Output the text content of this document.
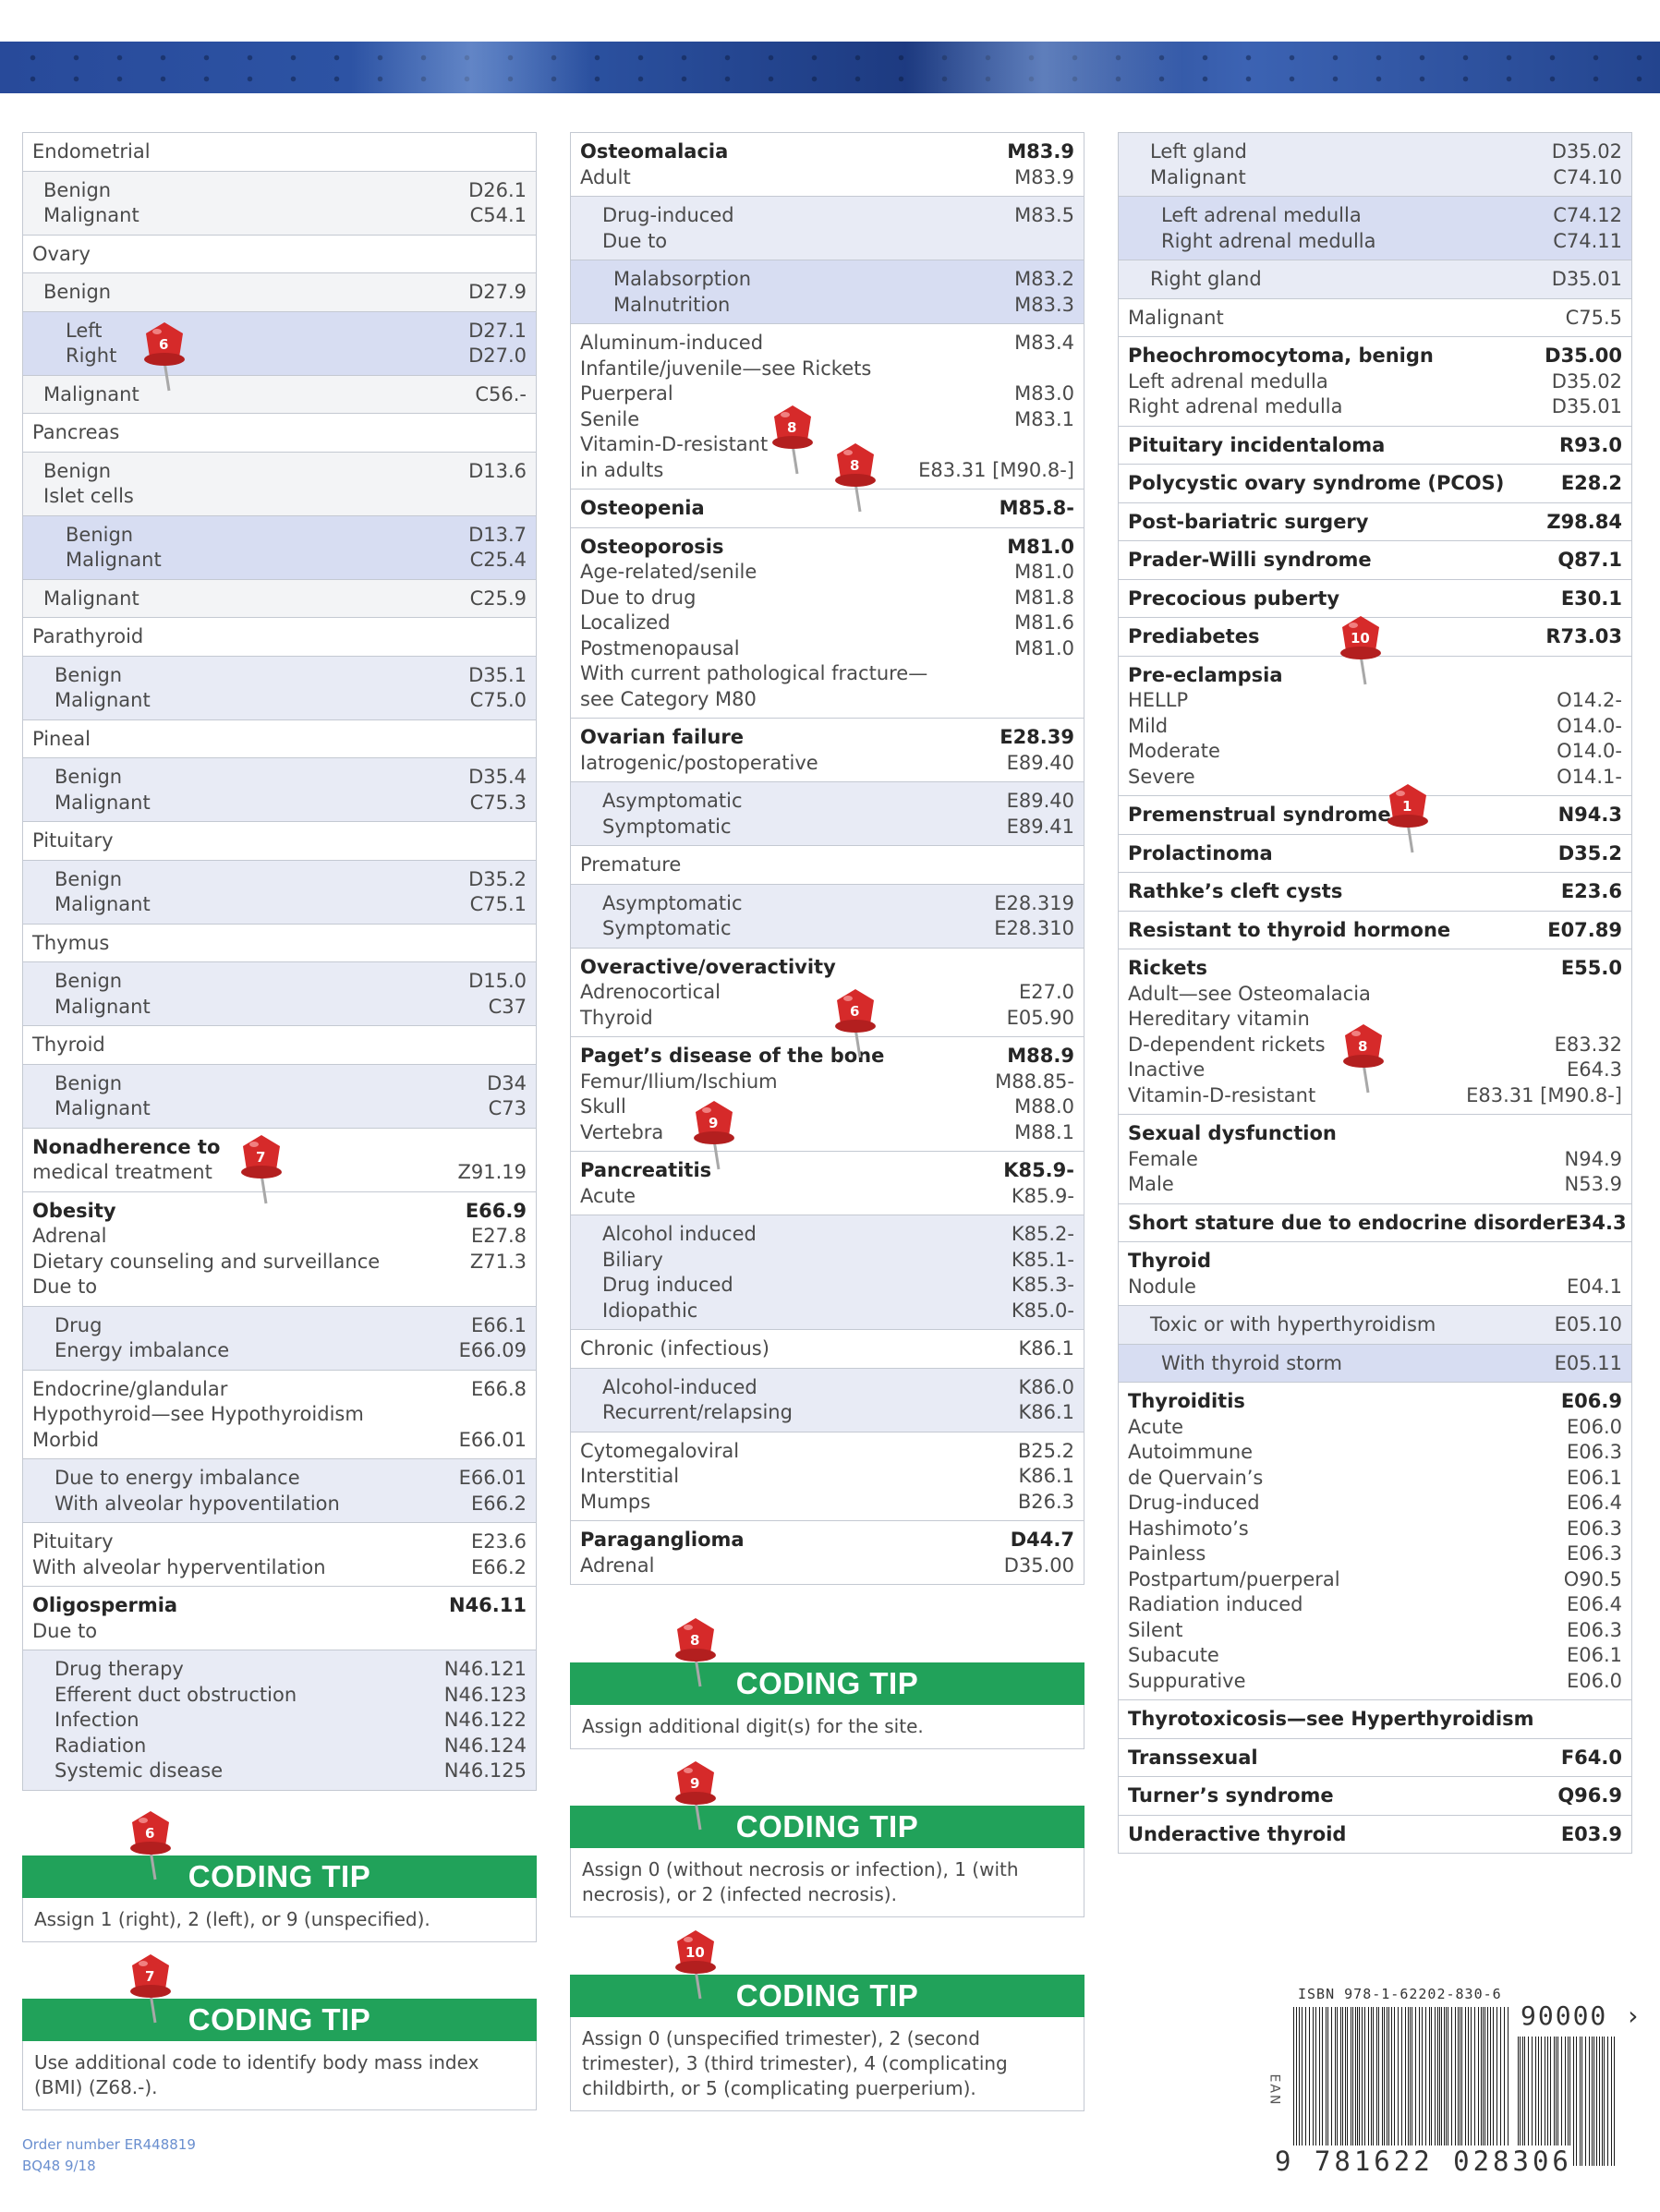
Endometrial
Benign	D26.1
Malignant	C54.1
Ovary
Benign	D27.9
Left	D27.1
Right	D27.0
Malignant	C56.-
Pancreas
Benign	D13.6
Islet cells
Benign	D13.7
Malignant	C25.4
Malignant	C25.9
Parathyroid
Benign	D35.1
Malignant	C75.0
Pineal
Benign	D35.4
Malignant	C75.3
Pituitary
Benign	D35.2
Malignant	C75.1
Thymus
Benign	D15.0
Malignant	C37
Thyroid
Benign	D34
Malignant	C73
Nonadherence to
medical treatment	Z91.19
Obesity	E66.9
Adrenal	E27.8
Dietary counseling and surveillance	Z71.3
Due to
Drug	E66.1
Energy imbalance	E66.09
Endocrine/glandular	E66.8
Hypothyroid—see Hypothyroidism
Morbid	E66.01
Due to energy imbalance	E66.01
With alveolar hypoventilation	E66.2
Pituitary	E23.6
With alveolar hyperventilation	E66.2
Oligospermia	N46.11
Due to
Drug therapy	N46.121
Efferent duct obstruction	N46.123
Infection	N46.122
Radiation	N46.124
Systemic disease	N46.125
Osteomalacia	M83.9
Adult	M83.9
Drug-induced	M83.5
Due to
Malabsorption	M83.2
Malnutrition	M83.3
Aluminum-induced	M83.4
Infantile/juvenile—see Rickets
Puerperal	M83.0
Senile	M83.1
Vitamin-D-resistant
in adults	E83.31 [M90.8-]
Osteopenia	M85.8-
Osteoporosis	M81.0
Age-related/senile	M81.0
Due to drug	M81.8
Localized	M81.6
Postmenopausal	M81.0
With current pathological fracture—
see Category M80
Ovarian failure	E28.39
Iatrogenic/postoperative	E89.40
Asymptomatic	E89.40
Symptomatic	E89.41
Premature
Asymptomatic	E28.319
Symptomatic	E28.310
Overactive/overactivity
Adrenocortical	E27.0
Thyroid	E05.90
Paget’s disease of the bone	M88.9
Femur/Ilium/Ischium	M88.85-
Skull	M88.0
Vertebra	M88.1
Pancreatitis	K85.9-
Acute	K85.9-
Alcohol induced	K85.2-
Biliary	K85.1-
Drug induced	K85.3-
Idiopathic	K85.0-
Chronic (infectious)	K86.1
Alcohol-induced	K86.0
Recurrent/relapsing	K86.1
Cytomegaloviral	B25.2
Interstitial	K86.1
Mumps	B26.3
Paraganglioma	D44.7
Adrenal	D35.00
Left gland	D35.02
Malignant	C74.10
Left adrenal medulla	C74.12
Right adrenal medulla	C74.11
Right gland	D35.01
Malignant	C75.5
Pheochromocytoma, benign	D35.00
Left adrenal medulla	D35.02
Right adrenal medulla	D35.01
Pituitary incidentaloma	R93.0
Polycystic ovary syndrome (PCOS)	E28.2
Post-bariatric surgery	Z98.84
Prader-Willi syndrome	Q87.1
Precocious puberty	E30.1
Prediabetes	R73.03
Pre-eclampsia
HELLP	O14.2-
Mild	O14.0-
Moderate	O14.0-
Severe	O14.1-
Premenstrual syndrome	N94.3
Prolactinoma	D35.2
Rathke’s cleft cysts	E23.6
Resistant to thyroid hormone	E07.89
Rickets	E55.0
Adult—see Osteomalacia
Hereditary vitamin
D-dependent rickets	E83.32
Inactive	E64.3
Vitamin-D-resistant	E83.31 [M90.8-]
Sexual dysfunction
Female	N94.9
Male	N53.9
Short stature due to endocrine disorder E34.3
Thyroid
Nodule	E04.1
Toxic or with hyperthyroidism	E05.10
With thyroid storm	E05.11
Thyroiditis	E06.9
Acute	E06.0
Autoimmune	E06.3
de Quervain’s	E06.1
Drug-induced	E06.4
Hashimoto’s	E06.3
Painless	E06.3
Postpartum/puerperal	O90.5
Radiation induced	E06.4
Silent	E06.3
Subacute	E06.1
Suppurative	E06.0
Thyrotoxicosis—see Hyperthyroidism
Transsexual	F64.0
Turner’s syndrome	Q96.9
Underactive thyroid	E03.9
6
8
8
7
6
9
10
1
8
CODING TIP
Assign additional digit(s) for the site.
CODING TIP
Assign 0 (without necrosis or infection), 1 (with necrosis), or 2 (infected necrosis).
CODING TIP
Assign 0 (unspecified trimester), 2 (second trimester), 3 (third trimester), 4 (complicating childbirth, or 5 (complicating puerperium).
CODING TIP
Assign 1 (right), 2 (left), or 9 (unspecified).
CODING TIP
Use additional code to identify body mass index (BMI) (Z68.-).
8
9
10
6
7
Order number ER448819
BQ48 9/18
ISBN 978-1-62202-830-6
90000 ›
EAN
9 781622 028306
